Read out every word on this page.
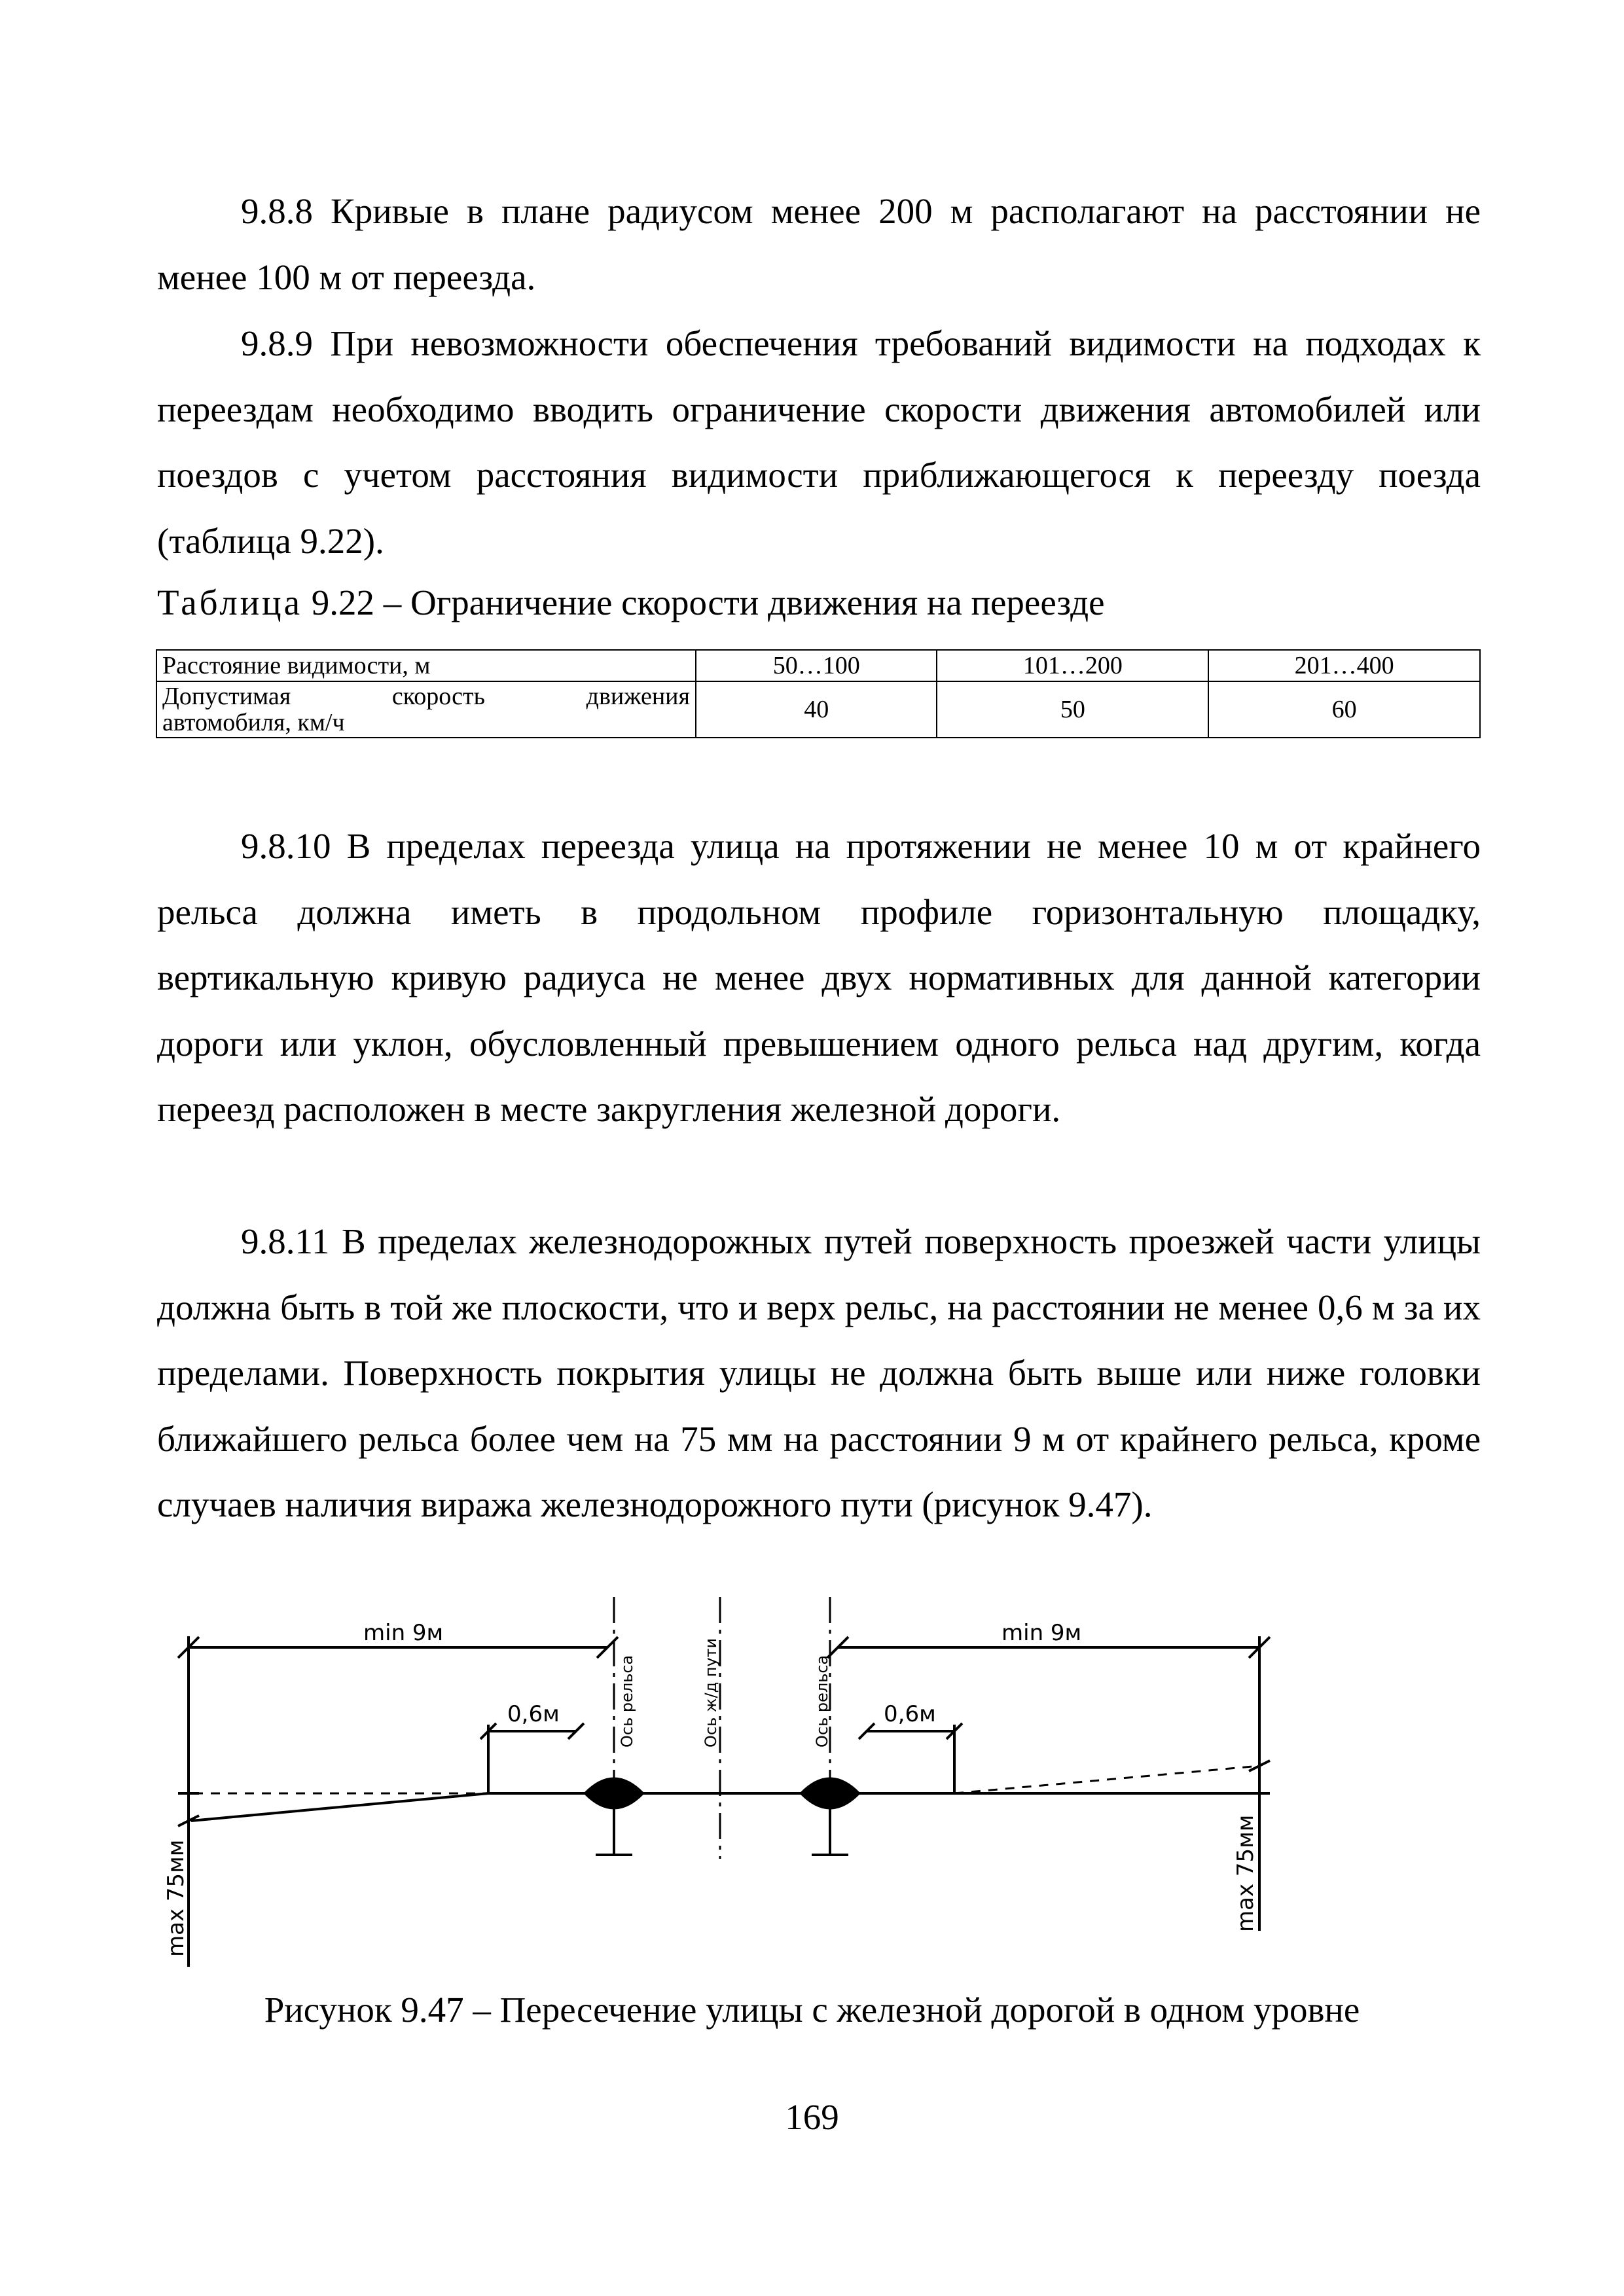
9.8.8 Кривые в плане радиусом менее 200 м располагают на расстоянии не менее 100 м от переезда.

9.8.9 При невозможности обеспечения требований видимости на подходах к переездам необходимо вводить ограничение скорости движения автомобилей или поездов с учетом расстояния видимости приближающегося к переезду поезда (таблица 9.22).

Таблица 9.22 – Ограничение скорости движения на переезде
Расстояние видимости, м	50…100	101…200	201…400

Допустимая скорость движения
автомобиля, км/ч	40	50	60

9.8.10 В пределах переезда улица на протяжении не менее 10 м от крайнего рельса должна иметь в продольном профиле горизонтальную площадку, вертикальную кривую радиуса не менее двух нормативных для данной категории дороги или уклон, обусловленный превышением одного рельса над другим, когда переезд расположен в месте закругления железной дороги.

9.8.11 В пределах железнодорожных путей поверхность проезжей части улицы должна быть в той же плоскости, что и верх рельс, на расстоянии не менее 0,6 м за их пределами. Поверхность покрытия улицы не должна быть выше или ниже головки ближайшего рельса более чем на 75 мм на расстоянии 9 м от крайнего рельса, кроме случаев наличия виража железнодорожного пути (рисунок 9.47).

min 9м	min 9м
0,6м	0,6м
Ось рельса	Ось ж/д пути	Ось рельса
max 75мм	max 75мм
Рисунок 9.47 – Пересечение улицы с железной дорогой в одном уровне
169
